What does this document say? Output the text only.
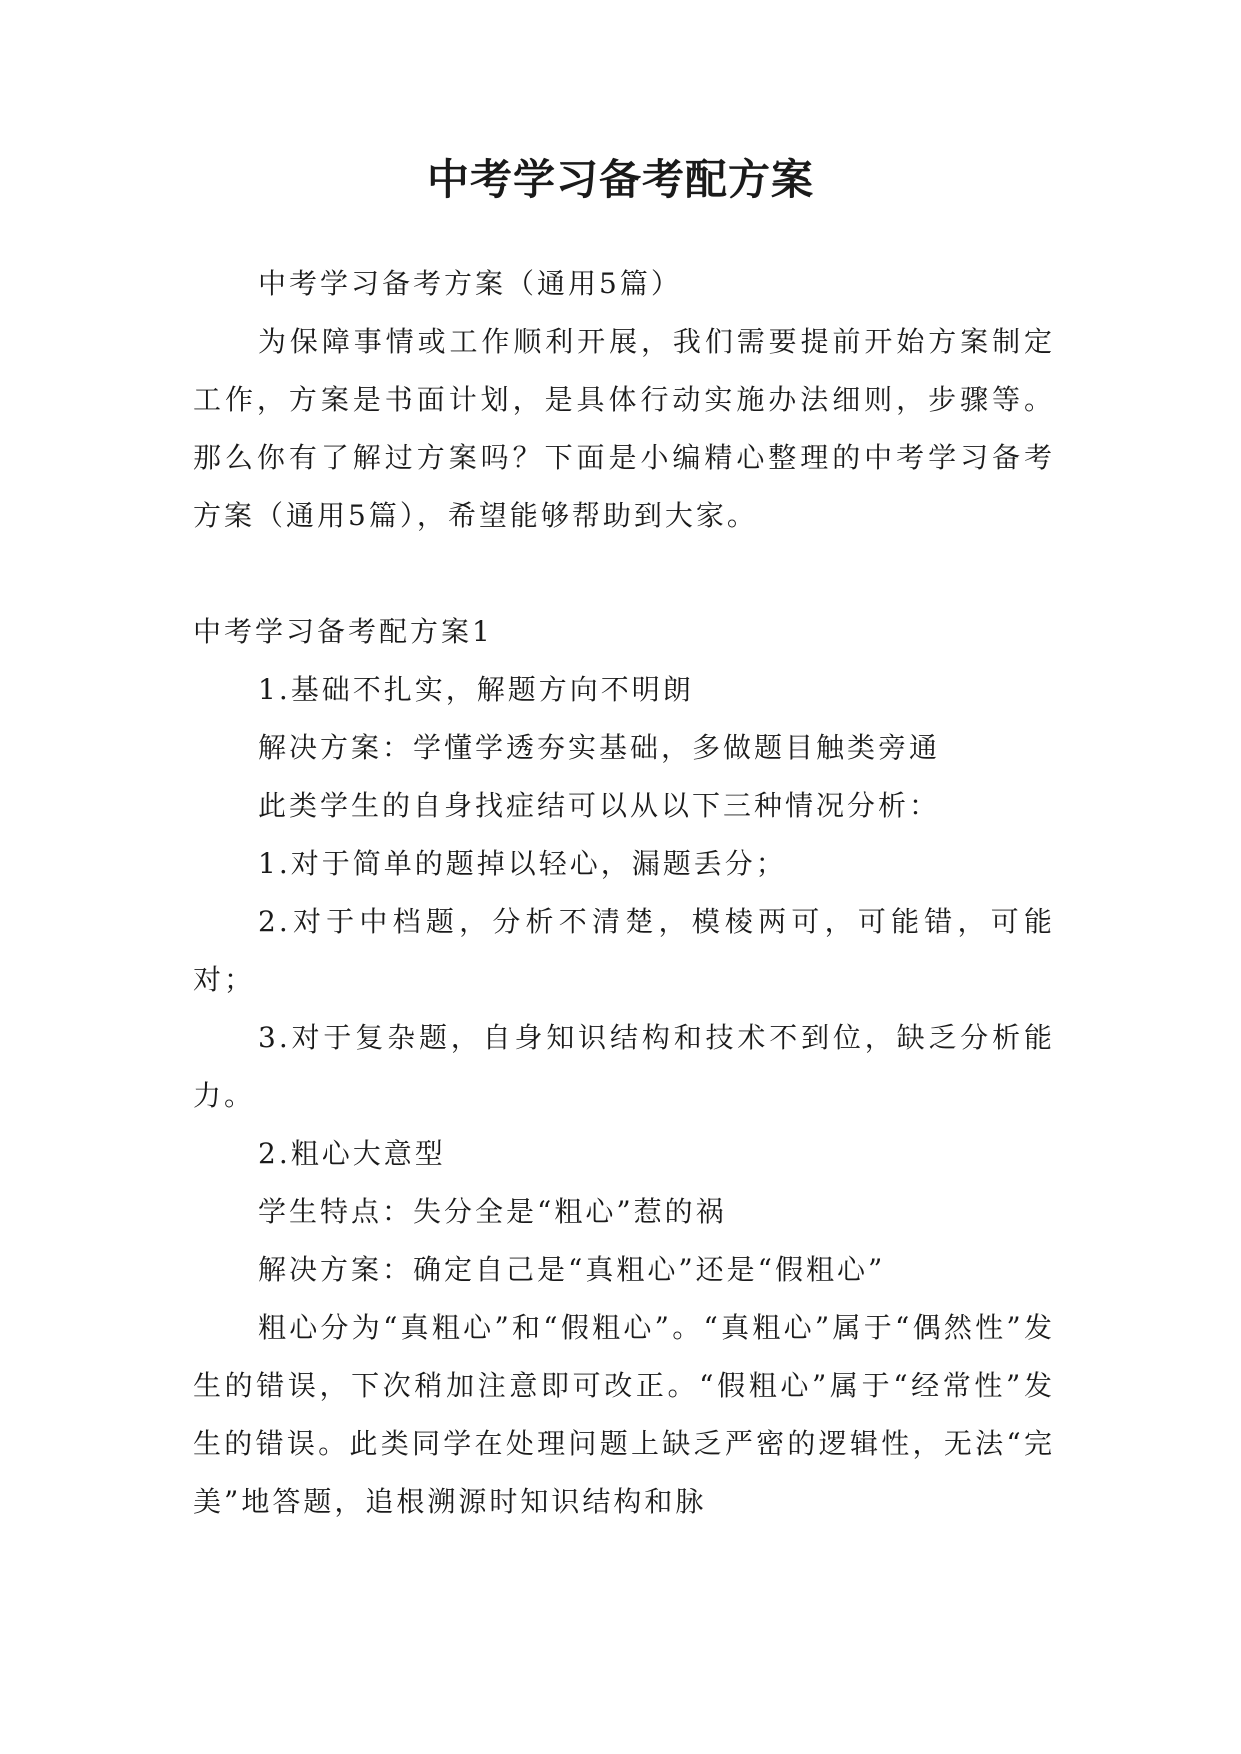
中考学习备考配方案

中考学习备考方案（通用5篇）

为保障事情或工作顺利开展，我们需要提前开始方案制定工作，方案是书面计划，是具体行动实施办法细则，步骤等。那么你有了解过方案吗？下面是小编精心整理的中考学习备考方案（通用5篇），希望能够帮助到大家。

中考学习备考配方案1

1.基础不扎实，解题方向不明朗

解决方案：学懂学透夯实基础，多做题目触类旁通

此类学生的自身找症结可以从以下三种情况分析：

1.对于简单的题掉以轻心，漏题丢分；

2.对于中档题，分析不清楚，模棱两可，可能错，可能对；

3.对于复杂题，自身知识结构和技术不到位，缺乏分析能力。

2.粗心大意型

学生特点：失分全是“粗心”惹的祸

解决方案：确定自己是“真粗心”还是“假粗心”

粗心分为“真粗心”和“假粗心”。“真粗心”属于“偶然性”发生的错误，下次稍加注意即可改正。“假粗心”属于“经常性”发生的错误。此类同学在处理问题上缺乏严密的逻辑性，无法“完美”地答题，追根溯源时知识结构和脉
